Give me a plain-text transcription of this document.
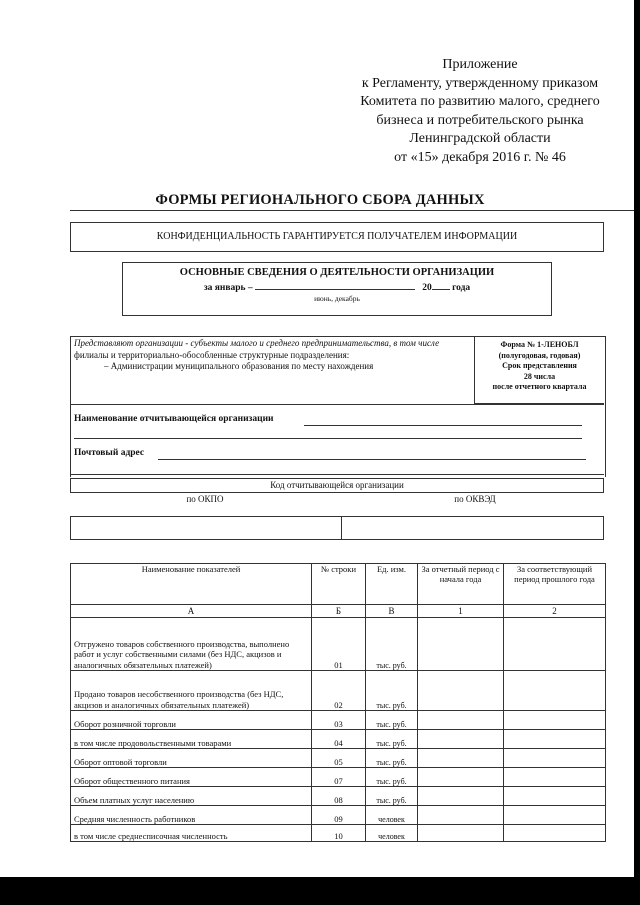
Приложение
к Регламенту, утвержденному приказом
Комитета по развитию малого, среднего
бизнеса и потребительского рынка
Ленинградской области
от «15» декабря 2016 г. № 46
ФОРМЫ РЕГИОНАЛЬНОГО СБОРА ДАННЫХ
КОНФИДЕНЦИАЛЬНОСТЬ ГАРАНТИРУЕТСЯ ПОЛУЧАТЕЛЕМ ИНФОРМАЦИИ
ОСНОВНЫЕ СВЕДЕНИЯ О ДЕЯТЕЛЬНОСТИ ОРГАНИЗАЦИИ
за январь –	20 года
июнь, декабрь
Представляют организации - субъекты малого и среднего предпринимательства, в том числе филиалы и территориально-обособленные структурные подразделения:
– Администрации муниципального образования по месту нахождения
Форма № 1-ЛЕНОБЛ
(полугодовая, годовая)
Срок представления
28 числа
после отчетного квартала
Наименование отчитывающейся организации
Почтовый адрес
Код отчитывающейся организации
по ОКПО	по ОКВЭД
Наименование показателей	№ строки	Ед. изм.	За отчетный период с начала года	За соответствующий период прошлого года
А	Б	В	1	2
Отгружено товаров собственного производства, выполнено работ и услуг собственными силами (без НДС, акцизов и аналогичных обязательных платежей)	01	тыс. руб.		
Продано товаров несобственного производства (без НДС, акцизов и аналогичных обязательных платежей)	02	тыс. руб.		
Оборот розничной торговли	03	тыс. руб.		
в том числе продовольственными товарами	04	тыс. руб.		
Оборот оптовой торговли	05	тыс. руб.		
Оборот общественного питания	07	тыс. руб.		
Объем платных услуг населению	08	тыс. руб.		
Средняя численность работников	09	человек		
в том числе среднесписочная численность	10	человек		
